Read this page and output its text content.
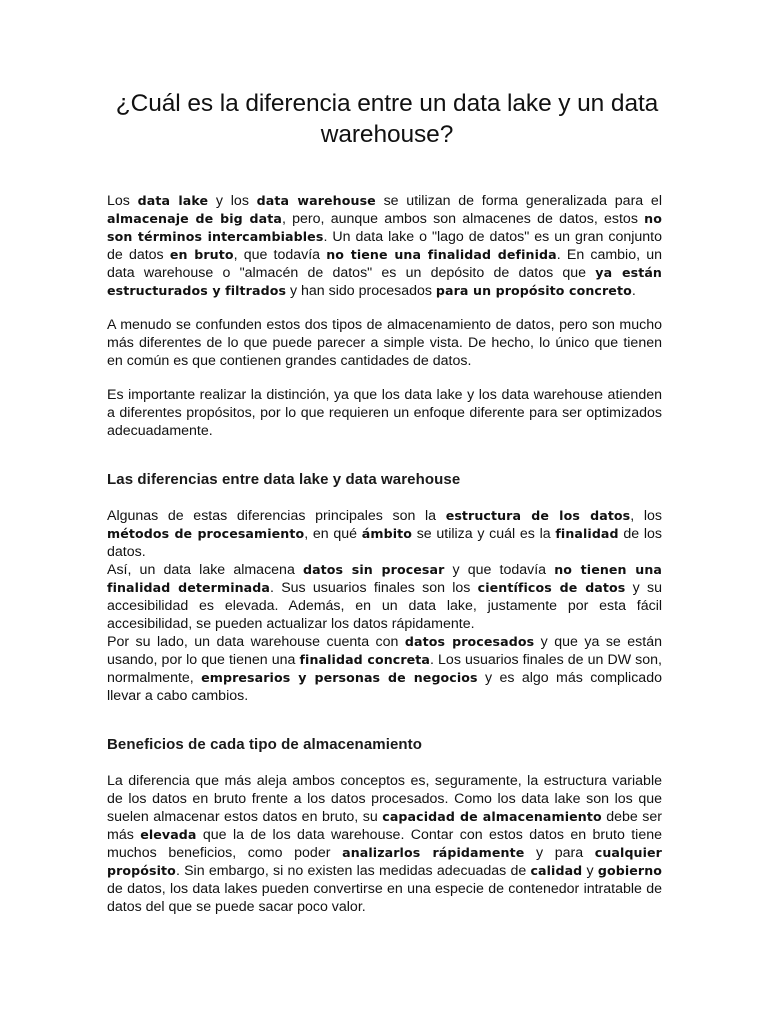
¿Cuál es la diferencia entre un data lake y un data warehouse?

Los data lake y los data warehouse se utilizan de forma generalizada para el almacenaje de big data, pero, aunque ambos son almacenes de datos, estos no son términos intercambiables. Un data lake o "lago de datos" es un gran conjunto de datos en bruto, que todavía no tiene una finalidad definida. En cambio, un data warehouse o "almacén de datos" es un depósito de datos que ya están estructurados y filtrados y han sido procesados para un propósito concreto.

A menudo se confunden estos dos tipos de almacenamiento de datos, pero son mucho más diferentes de lo que puede parecer a simple vista. De hecho, lo único que tienen en común es que contienen grandes cantidades de datos.

Es importante realizar la distinción, ya que los data lake y los data warehouse atienden a diferentes propósitos, por lo que requieren un enfoque diferente para ser optimizados adecuadamente.

Las diferencias entre data lake y data warehouse

Algunas de estas diferencias principales son la estructura de los datos, los métodos de procesamiento, en qué ámbito se utiliza y cuál es la finalidad de los datos.

Así, un data lake almacena datos sin procesar y que todavía no tienen una finalidad determinada. Sus usuarios finales son los científicos de datos y su accesibilidad es elevada. Además, en un data lake, justamente por esta fácil accesibilidad, se pueden actualizar los datos rápidamente.

Por su lado, un data warehouse cuenta con datos procesados y que ya se están usando, por lo que tienen una finalidad concreta. Los usuarios finales de un DW son, normalmente, empresarios y personas de negocios y es algo más complicado llevar a cabo cambios.

Beneficios de cada tipo de almacenamiento

La diferencia que más aleja ambos conceptos es, seguramente, la estructura variable de los datos en bruto frente a los datos procesados. Como los data lake son los que suelen almacenar estos datos en bruto, su capacidad de almacenamiento debe ser más elevada que la de los data warehouse. Contar con estos datos en bruto tiene muchos beneficios, como poder analizarlos rápidamente y para cualquier propósito. Sin embargo, si no existen las medidas adecuadas de calidad y gobierno de datos, los data lakes pueden convertirse en una especie de contenedor intratable de datos del que se puede sacar poco valor.
